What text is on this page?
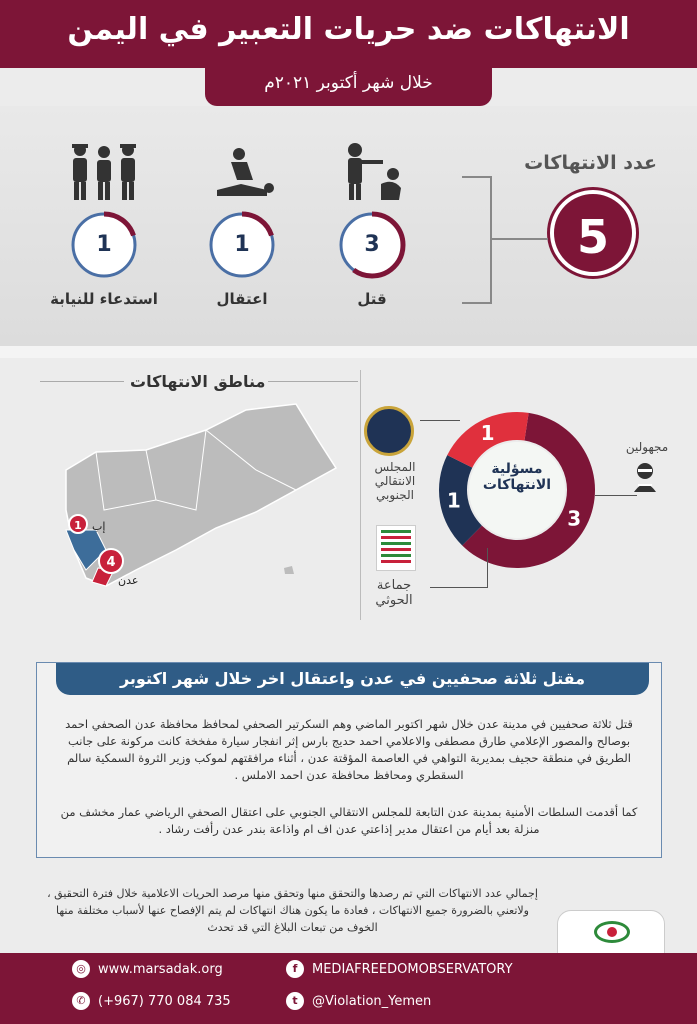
الانتهاكات ضد حريات التعبير في اليمن
خلال شهر أكتوبر ٢٠٢١م
عدد الانتهاكات
5
3
قتل
1
اعتقال
1
استدعاء للنيابة
مناطق الانتهاكات
1 إب
4
عدن
3
1
1
مسؤلية الانتهاكات
المجلس الانتقالي الجنوبي
جماعة الحوثي
مجهولين
مقتل ثلاثة صحفيين في عدن واعتقال اخر خلال شهر اكتوبر
قتل ثلاثة صحفيين في مدينة عدن خلال شهر اكتوبر الماضي وهم السكرتير الصحفي لمحافظ محافظة عدن الصحفي احمد بوصالح والمصور الإعلامي طارق مصطفى والاعلامي احمد حديج بارس إثر انفجار سيارة مفخخة كانت مركونة على جانب الطريق في منطقة حجيف بمديرية التواهي في العاصمة المؤقتة عدن ، أثناء مرافقتهم لموكب وزير الثروة السمكية سالم السقطري ومحافظ محافظة عدن احمد الاملس .
كما أقدمت السلطات الأمنية بمدينة عدن التابعة للمجلس الانتقالي الجنوبي على اعتقال الصحفي الرياضي عمار مخشف من منزلة بعد أيام من اعتقال مدير إذاعتي عدن اف ام واذاعة بندر عدن رأفت رشاد .
إجمالي عدد الانتهاكات التي تم رصدها والتحقق منها وتحقق منها مرصد الحريات الاعلامية خلال فترة التحقيق ، ولاتعني بالضرورة جميع الانتهاكات ، فعادة ما يكون هناك انتهاكات لم يتم الإفصاح عنها لأسباب مختلفة منها الخوف من تبعات البلاغ التي قد تحدث
◎ www.marsadak.org	f	MEDIAFREEDOMOBSERVATORY
✆ (+967) 770 084 735	t	@Violation_Yemen
